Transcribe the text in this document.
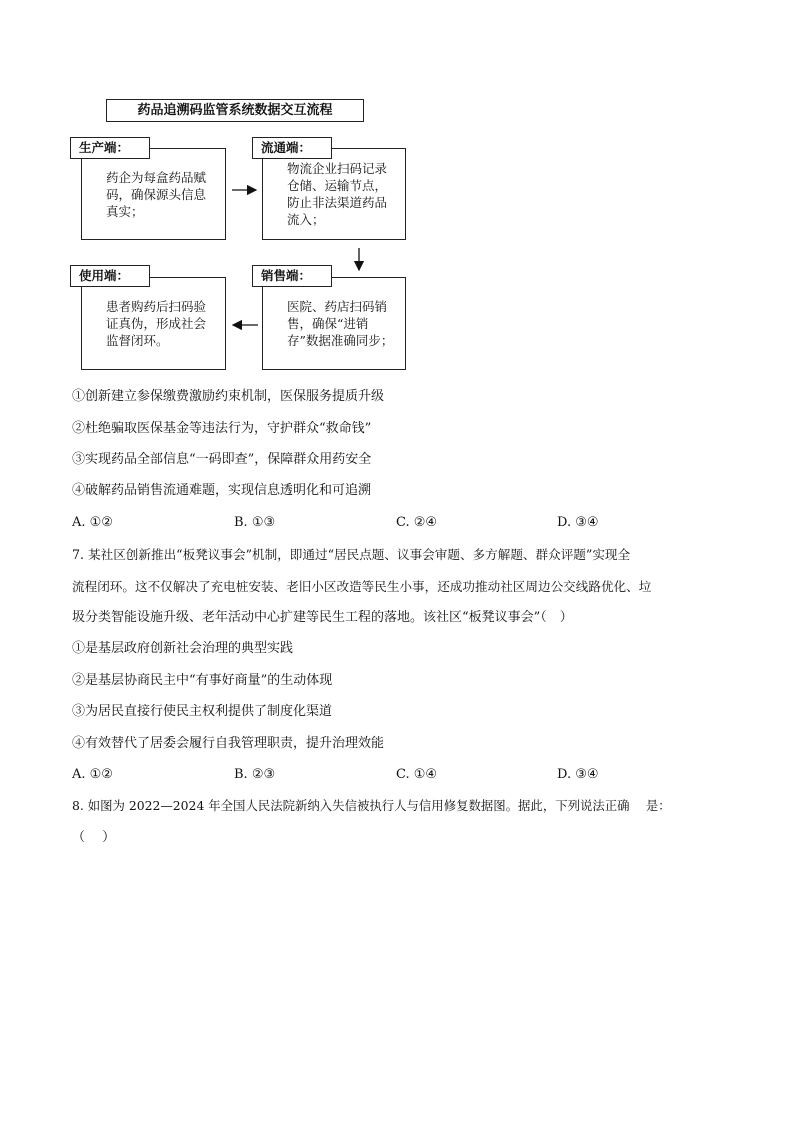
药品追溯码监管系统数据交互流程
生产端：
药企为每盒药品赋码，确保源头信息真实；
流通端：
物流企业扫码记录仓储、运输节点，防止非法渠道药品流入；
使用端：
患者购药后扫码验证真伪，形成社会监督闭环。
销售端：
医院、药店扫码销售，确保“进销存”数据准确同步；
①创新建立参保缴费激励约束机制，医保服务提质升级
②杜绝骗取医保基金等违法行为，守护群众“救命钱”
③实现药品全部信息“一码即查”，保障群众用药安全
④破解药品销售流通难题，实现信息透明化和可追溯
A. ①②	B. ①③	C. ②④	D. ③④
7. 某社区创新推出“板凳议事会”机制，即通过“居民点题、议事会审题、多方解题、群众评题”实现全
流程闭环。这不仅解决了充电桩安装、老旧小区改造等民生小事，还成功推动社区周边公交线路优化、垃
圾分类智能设施升级、老年活动中心扩建等民生工程的落地。该社区“板凳议事会”（　）
①是基层政府创新社会治理的典型实践
②是基层协商民主中“有事好商量”的生动体现
③为居民直接行使民主权利提供了制度化渠道
④有效替代了居委会履行自我管理职责，提升治理效能
A. ①②	B. ②③	C. ①④	D. ③④
8. 如图为 2022—2024 年全国人民法院新纳入失信被执行人与信用修复数据图。据此，下列说法正确　 是：
（　 ）
